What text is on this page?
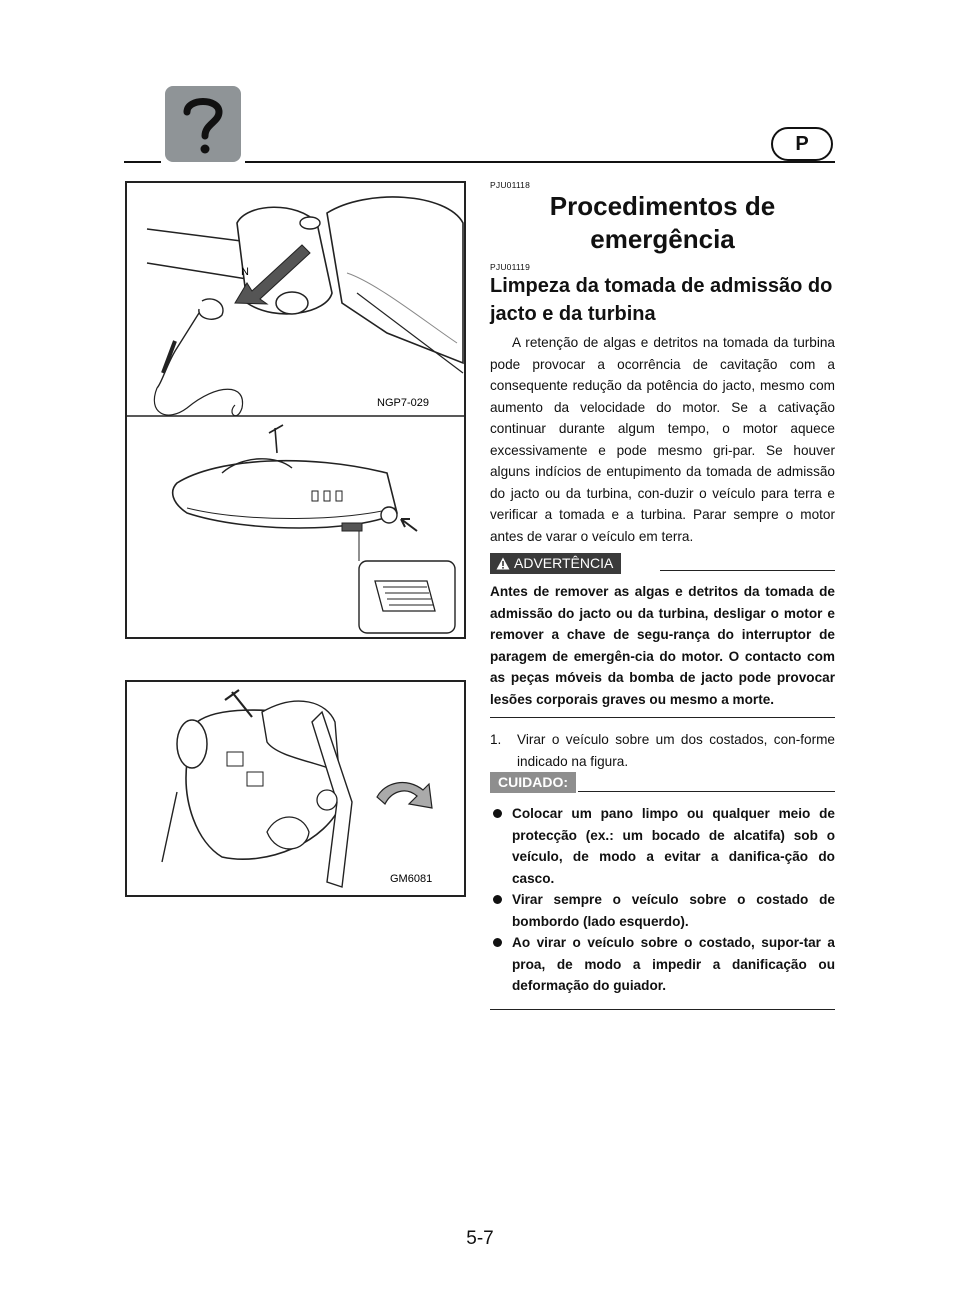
P
N
NGP7-029
GM6081
PJU01118
Procedimentos de emergência
PJU01119
Limpeza da tomada de admissão do jacto e da turbina

A retenção de algas e detritos na tomada da turbina pode provocar a ocorrência de cavitação com a consequente redução da potência do jacto, mesmo com aumento da velocidade do motor. Se a cativação continuar durante algum tempo, o motor aquece excessivamente e pode mesmo gri-par. Se houver alguns indícios de entupimento da tomada de admissão do jacto ou da turbina, con-duzir o veículo para terra e verificar a tomada e a turbina. Parar sempre o motor antes de varar o veículo em terra.

ADVERTÊNCIA

Antes de remover as algas e detritos da tomada de admissão do jacto ou da turbina, desligar o motor e remover a chave de segu-rança do interruptor de paragem de emergên-cia do motor. O contacto com as peças móveis da bomba de jacto pode provocar lesões corporais graves ou mesmo a morte.

1. Virar o veículo sobre um dos costados, con-forme indicado na figura.
CUIDADO:
Colocar um pano limpo ou qualquer meio de protecção (ex.: um bocado de alcatifa) sob o veículo, de modo a evitar a danifica-ção do casco.
Virar sempre o veículo sobre o costado de bombordo (lado esquerdo).
Ao virar o veículo sobre o costado, supor-tar a proa, de modo a impedir a danificação ou deformação do guiador.
5-7
